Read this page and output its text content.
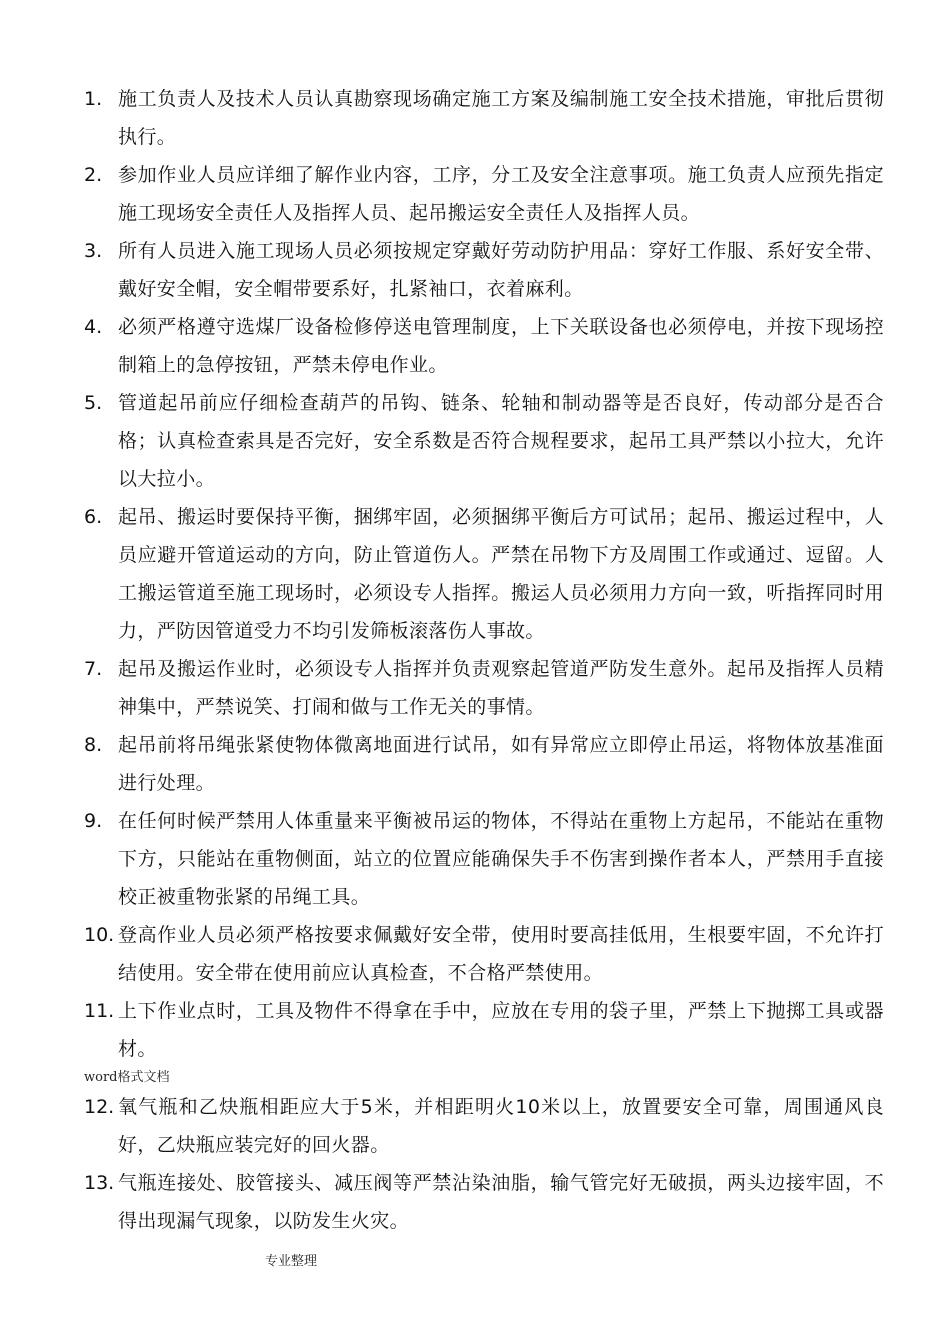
1. 施工负责人及技术人员认真勘察现场确定施工方案及编制施工安全技术措施，审批后贯彻执行。
2. 参加作业人员应详细了解作业内容，工序，分工及安全注意事项。施工负责人应预先指定施工现场安全责任人及指挥人员、起吊搬运安全责任人及指挥人员。
3. 所有人员进入施工现场人员必须按规定穿戴好劳动防护用品：穿好工作服、系好安全带、戴好安全帽，安全帽带要系好，扎紧袖口，衣着麻利。
4. 必须严格遵守选煤厂设备检修停送电管理制度，上下关联设备也必须停电，并按下现场控制箱上的急停按钮，严禁未停电作业。
5. 管道起吊前应仔细检查葫芦的吊钩、链条、轮轴和制动器等是否良好，传动部分是否合格；认真检查索具是否完好，安全系数是否符合规程要求，起吊工具严禁以小拉大，允许以大拉小。
6. 起吊、搬运时要保持平衡，捆绑牢固，必须捆绑平衡后方可试吊；起吊、搬运过程中，人员应避开管道运动的方向，防止管道伤人。严禁在吊物下方及周围工作或通过、逗留。人工搬运管道至施工现场时，必须设专人指挥。搬运人员必须用力方向一致，听指挥同时用力，严防因管道受力不均引发筛板滚落伤人事故。
7. 起吊及搬运作业时，必须设专人指挥并负责观察起管道严防发生意外。起吊及指挥人员精神集中，严禁说笑、打闹和做与工作无关的事情。
8. 起吊前将吊绳张紧使物体微离地面进行试吊，如有异常应立即停止吊运，将物体放基准面进行处理。
9. 在任何时候严禁用人体重量来平衡被吊运的物体，不得站在重物上方起吊，不能站在重物下方，只能站在重物侧面，站立的位置应能确保失手不伤害到操作者本人，严禁用手直接校正被重物张紧的吊绳工具。
10. 登高作业人员必须严格按要求佩戴好安全带，使用时要高挂低用，生根要牢固，不允许打结使用。安全带在使用前应认真检查，不合格严禁使用。
11. 上下作业点时，工具及物件不得拿在手中，应放在专用的袋子里，严禁上下抛掷工具或器材。
word格式文档
12. 氧气瓶和乙炔瓶相距应大于5米，并相距明火10米以上，放置要安全可靠，周围通风良好，乙炔瓶应装完好的回火器。
13. 气瓶连接处、胶管接头、减压阀等严禁沾染油脂，输气管完好无破损，两头边接牢固，不得出现漏气现象，以防发生火灾。
专业整理
